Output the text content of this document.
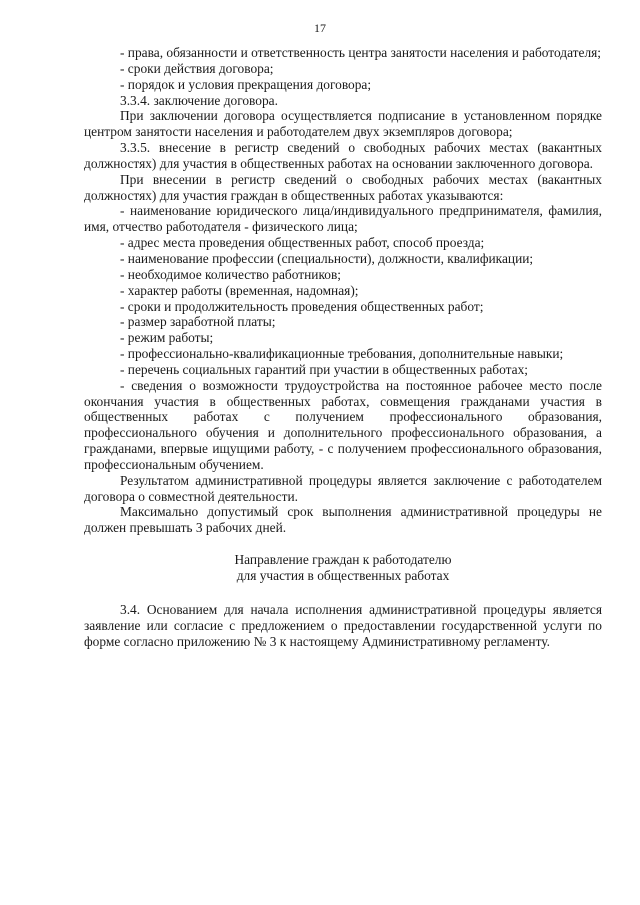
17

- права, обязанности и ответственность центра занятости населения и работодателя;

- сроки действия договора;

- порядок и условия прекращения договора;

3.3.4. заключение договора.

При заключении договора осуществляется подписание в установленном порядке центром занятости населения и работодателем двух экземпляров договора;

3.3.5. внесение в регистр сведений о свободных рабочих местах (вакантных должностях) для участия в общественных работах на основании заключенного договора.

При внесении в регистр сведений о свободных рабочих местах (вакантных должностях) для участия граждан в общественных работах указываются:

- наименование юридического лица/индивидуального предпринимателя, фамилия, имя, отчество работодателя - физического лица;

- адрес места проведения общественных работ, способ проезда;

- наименование профессии (специальности), должности, квалификации;

- необходимое количество работников;

- характер работы (временная, надомная);

- сроки и продолжительность проведения общественных работ;

- размер заработной платы;

- режим работы;

- профессионально-квалификационные требования, дополнительные навыки;

- перечень социальных гарантий при участии в общественных работах;

- сведения о возможности трудоустройства на постоянное рабочее место после окончания участия в общественных работах, совмещения гражданами участия в общественных работах с получением профессионального образования, профессионального обучения и дополнительного профессионального образования, а гражданами, впервые ищущими работу, - с получением профессионального образования, профессиональным обучением.

Результатом административной процедуры является заключение с работодателем договора о совместной деятельности.

Максимально допустимый срок выполнения административной процедуры не должен превышать 3 рабочих дней.

Направление граждан к работодателю

для участия в общественных работах

3.4. Основанием для начала исполнения административной процедуры является заявление или согласие с предложением о предоставлении государственной услуги по форме согласно приложению № 3 к настоящему Административному регламенту.
